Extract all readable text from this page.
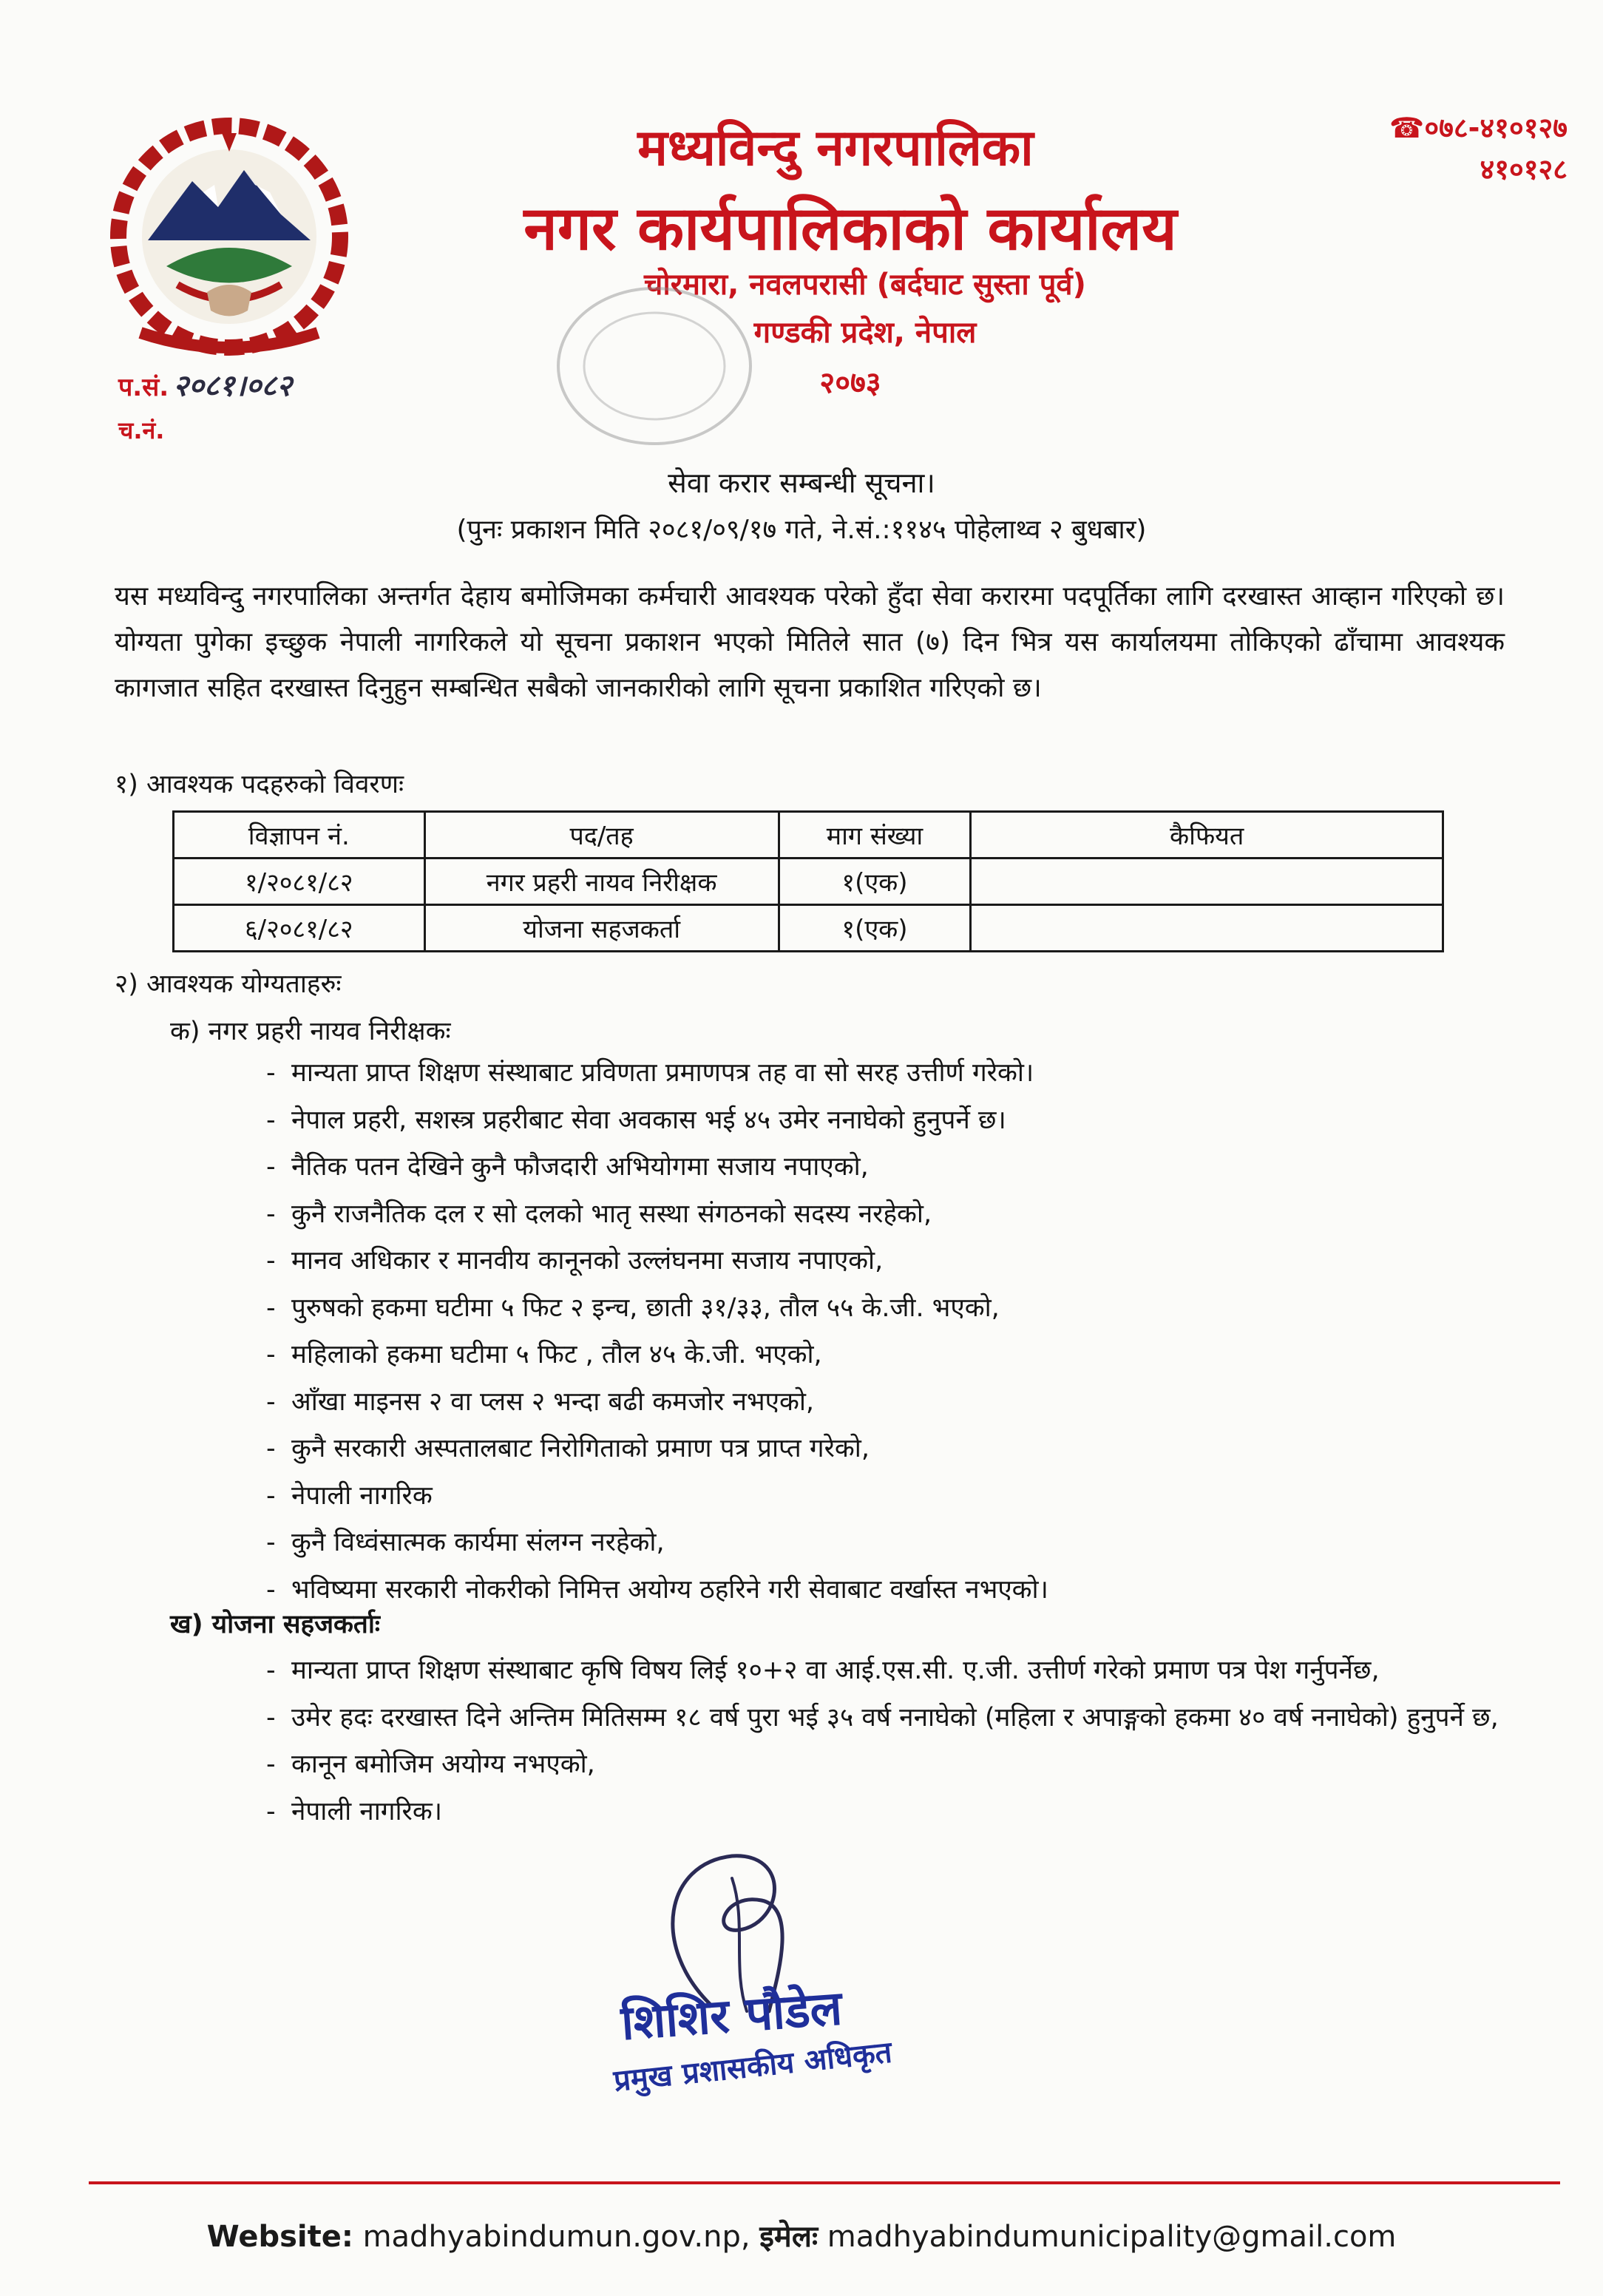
मध्यविन्दु नगरपालिका
नगर कार्यपालिकाको कार्यालय
चोरमारा, नवलपरासी (बर्दघाट सुस्ता पूर्व)
गण्डकी प्रदेश, नेपाल
२०७३
☎०७८-४१०१२७
४१०१२८
प.सं. २०८१।०८२
च.नं.
सेवा करार सम्बन्धी सूचना।
(पुनः प्रकाशन मिति २०८१/०९/१७ गते, ने.सं.:११४५ पोहेलाथ्व २ बुधबार)
यस मध्यविन्दु नगरपालिका अन्तर्गत देहाय बमोजिमका कर्मचारी आवश्यक परेको हुँदा सेवा करारमा पदपूर्तिका लागि दरखास्त आव्हान गरिएको छ। योग्यता पुगेका इच्छुक नेपाली नागरिकले यो सूचना प्रकाशन भएको मितिले सात (७) दिन भित्र यस कार्यालयमा तोकिएको ढाँचामा आवश्यक कागजात सहित दरखास्त दिनुहुन सम्बन्धित सबैको जानकारीको लागि सूचना प्रकाशित गरिएको छ।
१) आवश्यक पदहरुको विवरणः
विज्ञापन नं.	पद/तह	माग संख्या	कैफियत
१/२०८१/८२	नगर प्रहरी नायव निरीक्षक	१(एक)	
६/२०८१/८२	योजना सहजकर्ता	१(एक)	
२) आवश्यक योग्यताहरुः
क) नगर प्रहरी नायव निरीक्षकः
- मान्यता प्राप्त शिक्षण संस्थाबाट प्रविणता प्रमाणपत्र तह वा सो सरह उत्तीर्ण गरेको।
- नेपाल प्रहरी, सशस्त्र प्रहरीबाट सेवा अवकास भई ४५ उमेर ननाघेको हुनुपर्ने छ।
- नैतिक पतन देखिने कुनै फौजदारी अभियोगमा सजाय नपाएको,
- कुनै राजनैतिक दल र सो दलको भातृ सस्था संगठनको सदस्य नरहेको,
- मानव अधिकार र मानवीय कानूनको उल्लंघनमा सजाय नपाएको,
- पुरुषको हकमा घटीमा ५ फिट २ इन्च, छाती ३१/३३, तौल ५५ के.जी. भएको,
- महिलाको हकमा घटीमा ५ फिट , तौल ४५ के.जी. भएको,
- आँखा माइनस २ वा प्लस २ भन्दा बढी कमजोर नभएको,
- कुनै सरकारी अस्पतालबाट निरोगिताको प्रमाण पत्र प्राप्त गरेको,
- नेपाली नागरिक
- कुनै विध्वंसात्मक कार्यमा संलग्न नरहेको,
- भविष्यमा सरकारी नोकरीको निमित्त अयोग्य ठहरिने गरी सेवाबाट वर्खास्त नभएको।
ख) योजना सहजकर्ताः
- मान्यता प्राप्त शिक्षण संस्थाबाट कृषि विषय लिई १०+२ वा आई.एस.सी. ए.जी. उत्तीर्ण गरेको प्रमाण पत्र पेश गर्नुपर्नेछ,
- उमेर हदः दरखास्त दिने अन्तिम मितिसम्म १८ वर्ष पुरा भई ३५ वर्ष ननाघेको (महिला र अपाङ्गको हकमा ४० वर्ष ननाघेको) हुनुपर्ने छ,
- कानून बमोजिम अयोग्य नभएको,
- नेपाली नागरिक।
शिशिर पौडेल
प्रमुख प्रशासकीय अधिकृत
Website: madhyabindumun.gov.np, इमेलः madhyabindumunicipality@gmail.com
